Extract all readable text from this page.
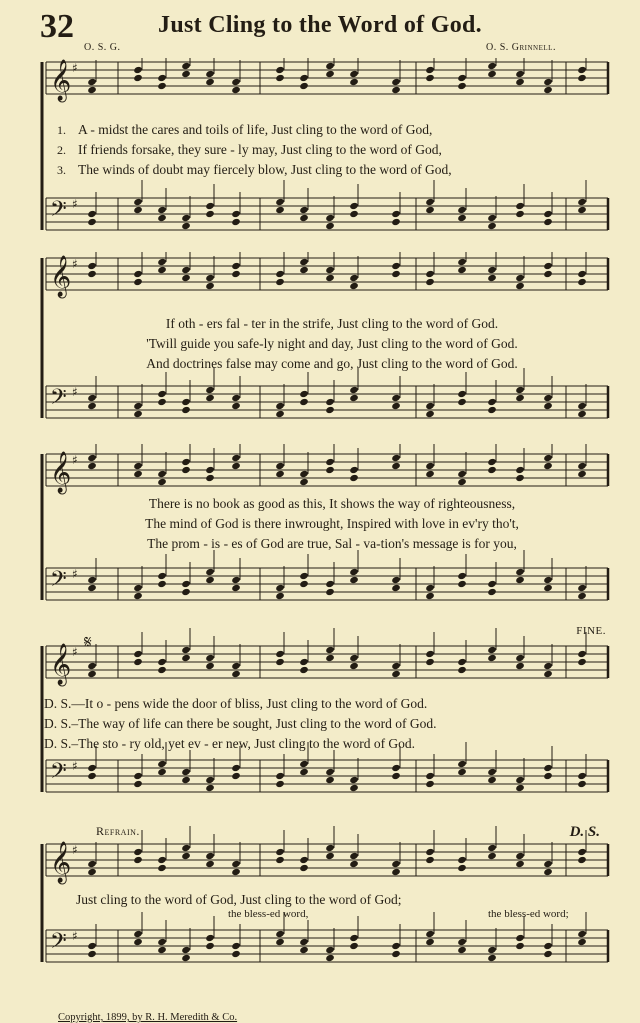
32	Just Cling to the Word of God.
O. S. G.	O. S. Grinnell.
𝄞 ♯
𝄢 ♯
1. A - midst the cares and toils of life, Just cling to the word of God,
2. If friends forsake, they sure - ly may, Just cling to the word of God,
3. The winds of doubt may fiercely blow, Just cling to the word of God,
𝄞 ♯
𝄢 ♯
If oth - ers fal - ter in the strife, Just cling to the word of God.
'Twill guide you safe-ly night and day, Just cling to the word of God.
And doctrines false may come and go, Just cling to the word of God.
𝄞 ♯
𝄢 ♯
There is no book as good as this, It shows the way of righteousness,
The mind of God is there inwrought, Inspired with love in ev'ry tho't,
The prom - is - es of God are true, Sal - va-tion's message is for you,
FINE.
𝄋
𝄞 ♯
𝄢 ♯
D. S.—It o - pens wide the door of bliss, Just cling to the word of God.
D. S.–The way of life can there be sought, Just cling to the word of God.
D. S.–The sto - ry old, yet ev - er new, Just cling to the word of God.
Refrain.	D. S.
𝄞 ♯
𝄢 ♯
Just cling to the word of God, Just cling to the word of God;
the bless-ed word,	the bless-ed word;
Copyright, 1899, by R. H. Meredith & Co.
